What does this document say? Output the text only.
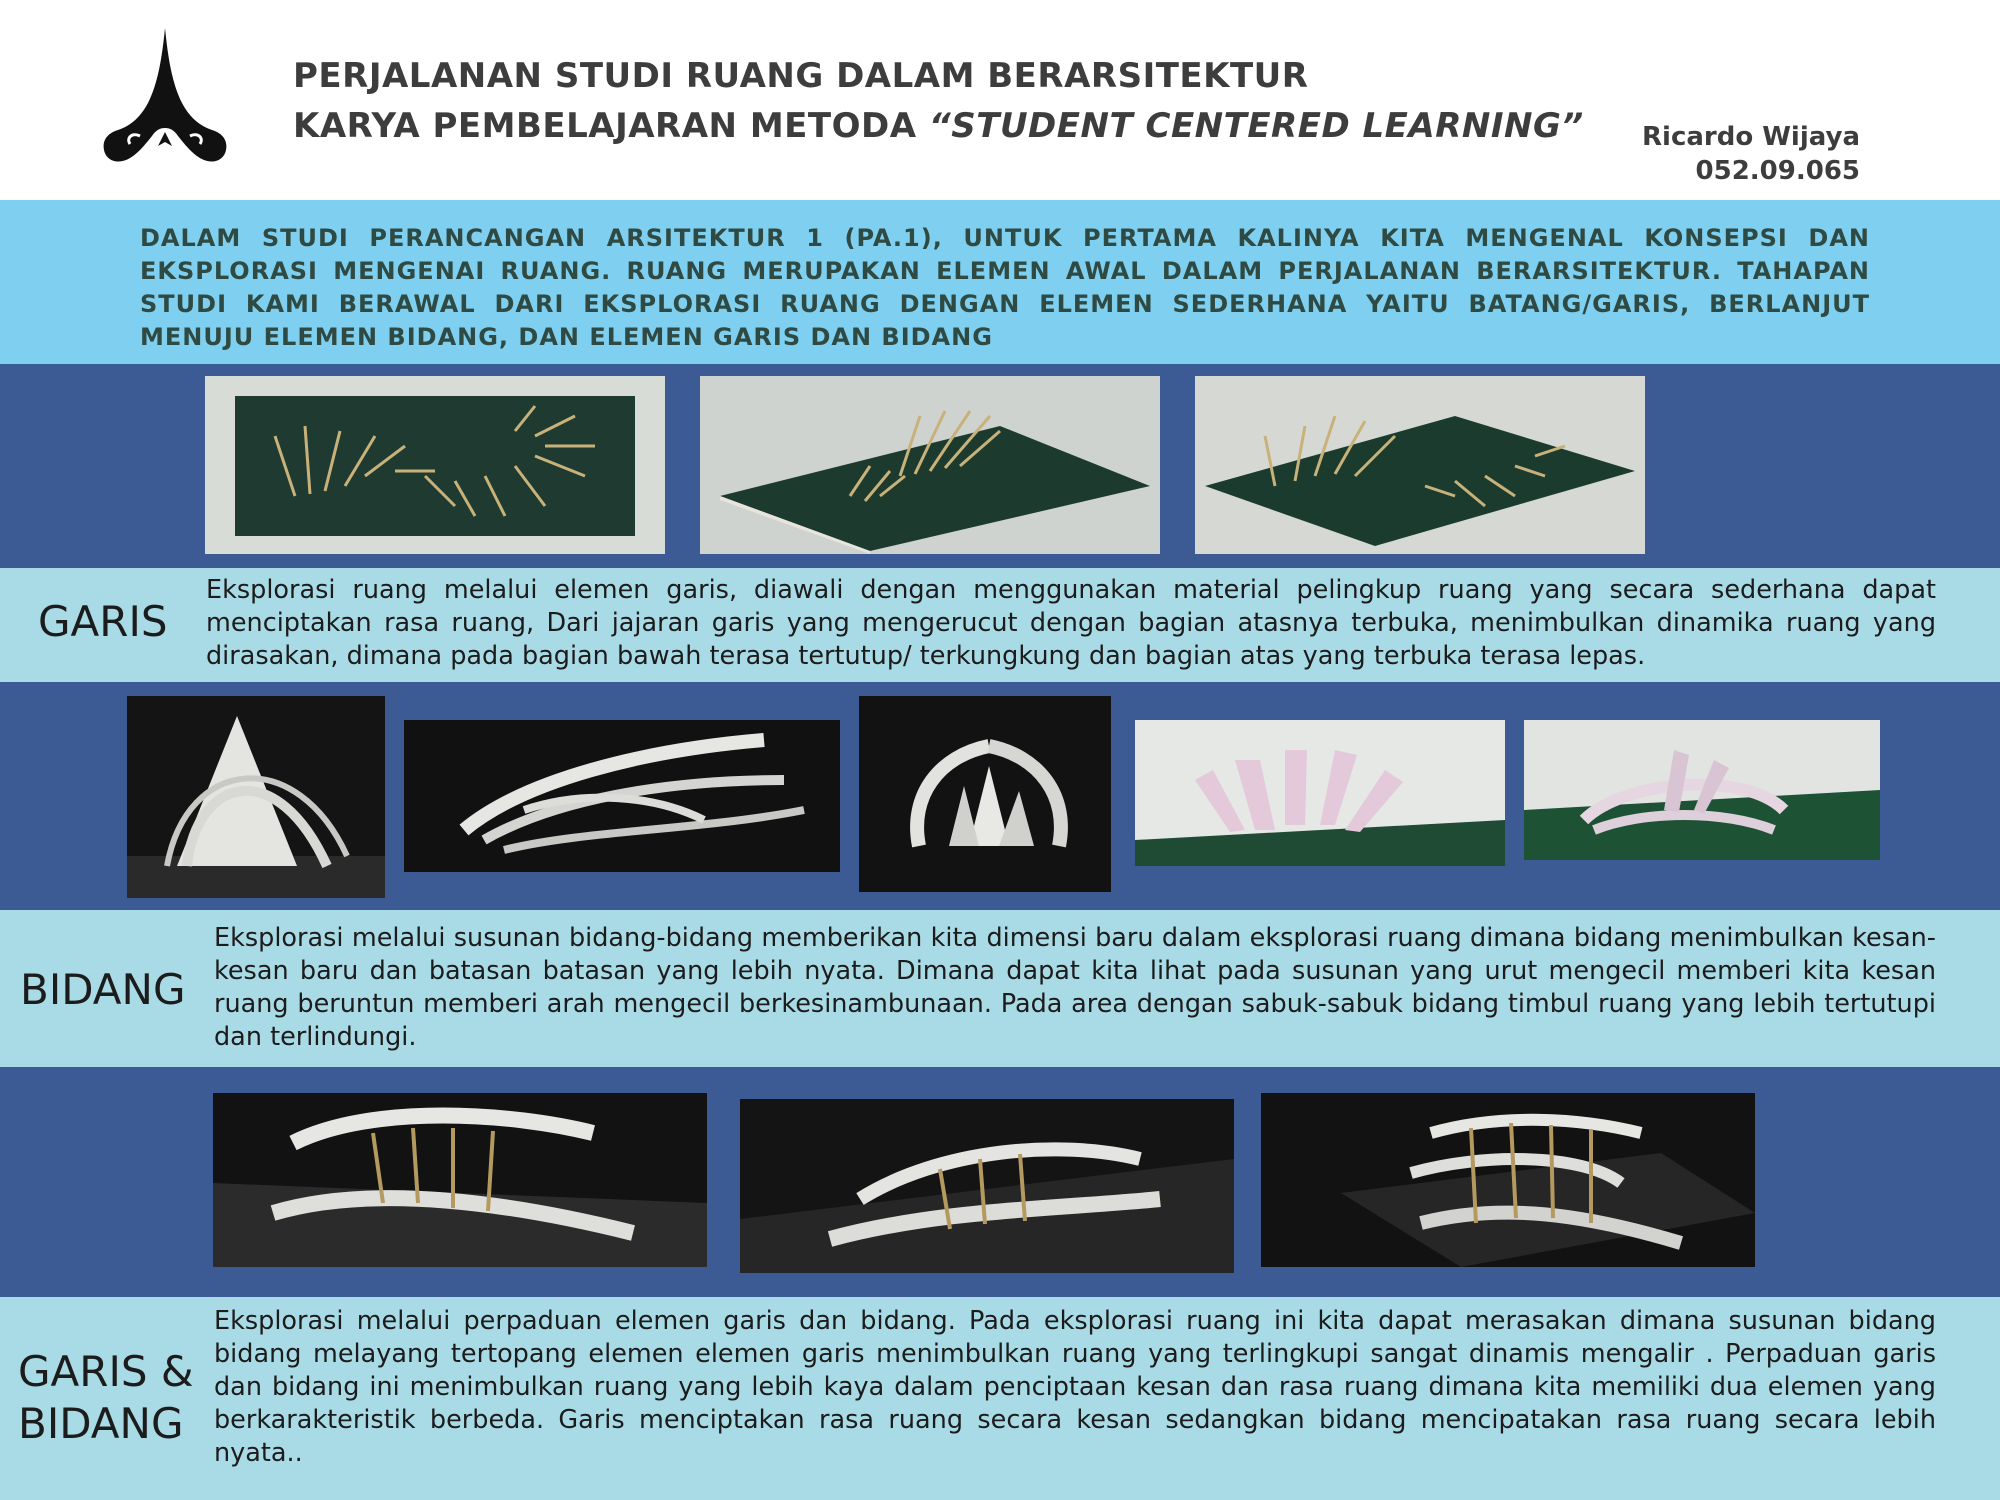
PERJALANAN STUDI RUANG DALAM BERARSITEKTUR
KARYA PEMBELAJARAN METODA “STUDENT CENTERED LEARNING” Ricardo Wijaya
052.09.065
DALAM STUDI PERANCANGAN ARSITEKTUR 1 (PA.1), UNTUK PERTAMA KALINYA KITA MENGENAL KONSEPSI DAN EKSPLORASI MENGENAI RUANG. RUANG MERUPAKAN ELEMEN AWAL DALAM PERJALANAN BERARSITEKTUR. TAHAPAN STUDI KAMI BERAWAL DARI EKSPLORASI RUANG DENGAN ELEMEN SEDERHANA YAITU BATANG/GARIS, BERLANJUT MENUJU ELEMEN BIDANG, DAN ELEMEN GARIS DAN BIDANG
GARIS
Eksplorasi ruang melalui elemen garis, diawali dengan menggunakan material pelingkup ruang yang secara sederhana dapat menciptakan rasa ruang, Dari jajaran garis yang mengerucut dengan bagian atasnya terbuka, menimbulkan dinamika ruang yang dirasakan, dimana pada bagian bawah terasa tertutup/ terkungkung dan bagian atas yang terbuka terasa lepas.
BIDANG
Eksplorasi melalui susunan bidang-bidang memberikan kita dimensi baru dalam eksplorasi ruang dimana bidang menimbulkan kesan-kesan baru dan batasan batasan yang lebih nyata. Dimana dapat kita lihat pada susunan yang urut mengecil memberi kita kesan ruang beruntun memberi arah mengecil berkesinambunaan. Pada area dengan sabuk-sabuk bidang timbul ruang yang lebih tertutupi dan terlindungi.
GARIS &
BIDANG
Eksplorasi melalui perpaduan elemen garis dan bidang. Pada eksplorasi ruang ini kita dapat merasakan dimana susunan bidang bidang melayang tertopang elemen elemen garis menimbulkan ruang yang terlingkupi sangat dinamis mengalir . Perpaduan garis dan bidang ini menimbulkan ruang yang lebih kaya dalam penciptaan kesan dan rasa ruang dimana kita memiliki dua elemen yang berkarakteristik berbeda. Garis menciptakan rasa ruang secara kesan sedangkan bidang mencipatakan rasa ruang secara lebih nyata..
